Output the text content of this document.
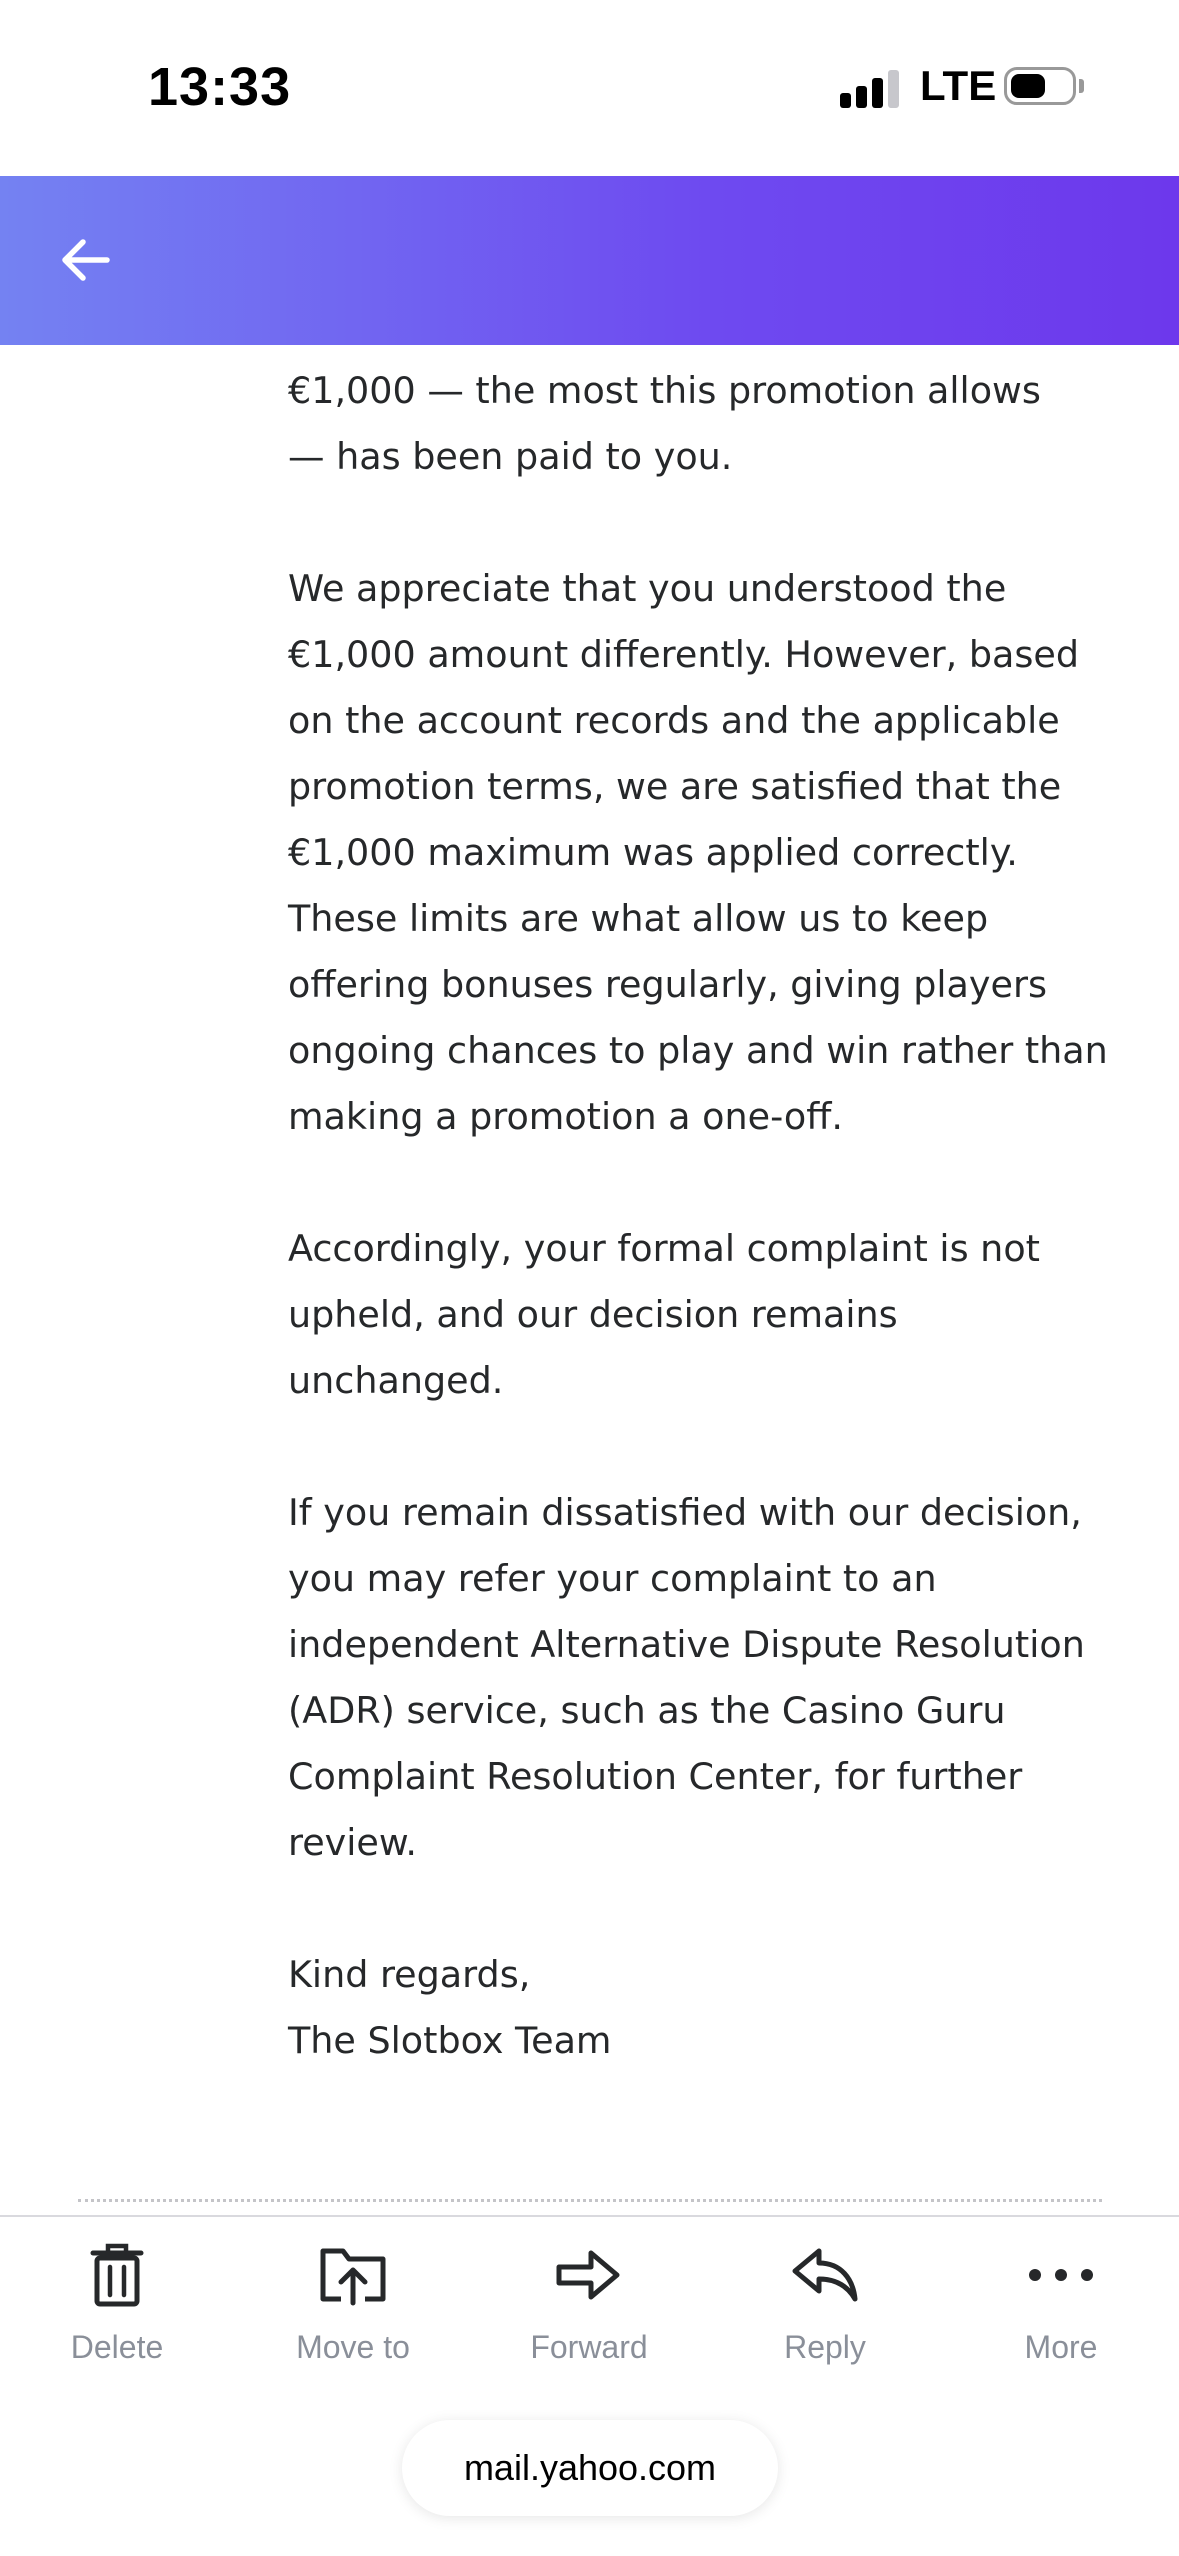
13:33	LTE

€1,000 — the most this promotion allows — has been paid to you.

We appreciate that you understood the €1,000 amount differently. However, based on the account records and the applicable promotion terms, we are satisfied that the €1,000 maximum was applied correctly. These limits are what allow us to keep offering bonuses regularly, giving players ongoing chances to play and win rather than making a promotion a one-off.

Accordingly, your formal complaint is not upheld, and our decision remains unchanged.

If you remain dissatisfied with our decision, you may refer your complaint to an independent Alternative Dispute Resolution (ADR) service, such as the Casino Guru Complaint Resolution Center, for further review.

Kind regards,

The Slotbox Team

Delete	Move to	Forward	Reply	More
mail.yahoo.com
